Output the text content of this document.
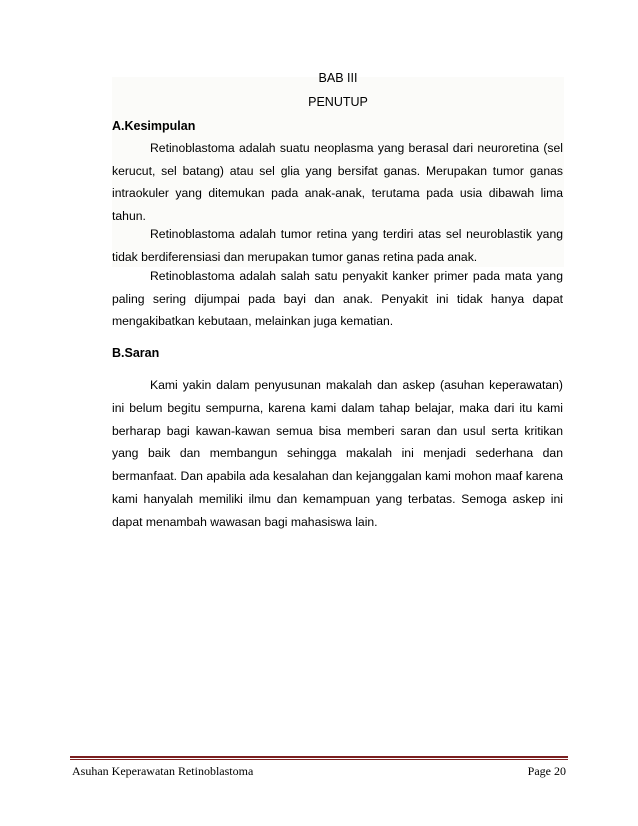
BAB III
PENUTUP
A.Kesimpulan

Retinoblastoma adalah suatu neoplasma yang berasal dari neuroretina (sel kerucut, sel batang) atau sel glia yang bersifat ganas. Merupakan tumor ganas intraokuler yang ditemukan pada anak-anak, terutama pada usia dibawah lima tahun.

Retinoblastoma adalah tumor retina yang terdiri atas sel neuroblastik yang tidak berdiferensiasi dan merupakan tumor ganas retina pada anak.

Retinoblastoma adalah salah satu penyakit kanker primer pada mata yang paling sering dijumpai pada bayi dan anak. Penyakit ini tidak hanya dapat mengakibatkan kebutaan, melainkan juga kematian.

B.Saran

Kami yakin dalam penyusunan makalah dan askep (asuhan keperawatan) ini belum begitu sempurna, karena kami dalam tahap belajar, maka dari itu kami berharap bagi kawan-kawan semua bisa memberi saran dan usul serta kritikan yang baik dan membangun sehingga makalah ini menjadi sederhana dan bermanfaat. Dan apabila ada kesalahan dan kejanggalan kami mohon maaf karena kami hanyalah memiliki ilmu dan kemampuan yang terbatas. Semoga askep ini dapat menambah wawasan bagi mahasiswa lain.

Asuhan Keperawatan Retinoblastoma	Page 20
